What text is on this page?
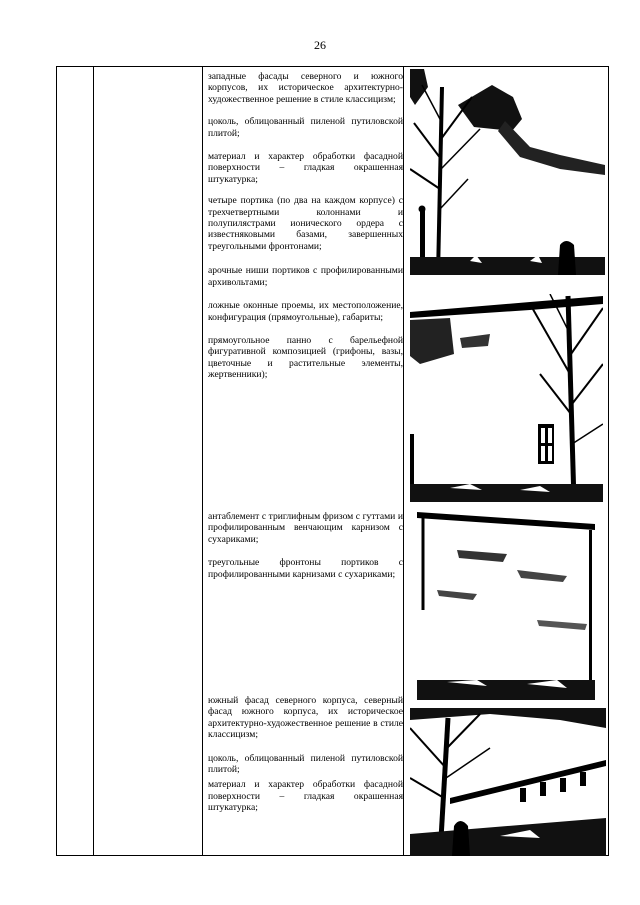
26

западные фасады северного и южного корпусов, их историческое архитектурно-художественное решение в стиле классицизм;

цоколь, облицованный пиленой путиловской плитой;

материал и характер обработки фасадной поверхности – гладкая окрашенная штукатурка;

четыре портика (по два на каждом корпусе) с трехчетвертными колоннами и полупилястрами ионического ордера с известняковыми базами, завершенных треугольными фронтонами;

арочные ниши портиков с профилированными архивольтами;

ложные оконные проемы, их местоположение, конфигурация (прямоугольные), габариты;

прямоугольное панно с барельефной фигуративной композицией (грифоны, вазы, цветочные и растительные элементы, жертвенники);

антаблемент с триглифным фризом с гуттами и профилированным венчающим карнизом с сухариками;

треугольные фронтоны портиков с профилированными карнизами с сухариками;

южный фасад северного корпуса, северный фасад южного корпуса, их историческое архитектурно-художественное решение в стиле классицизм;

цоколь, облицованный пиленой путиловской плитой;

материал и характер обработки фасадной поверхности – гладкая окрашенная штукатурка;
